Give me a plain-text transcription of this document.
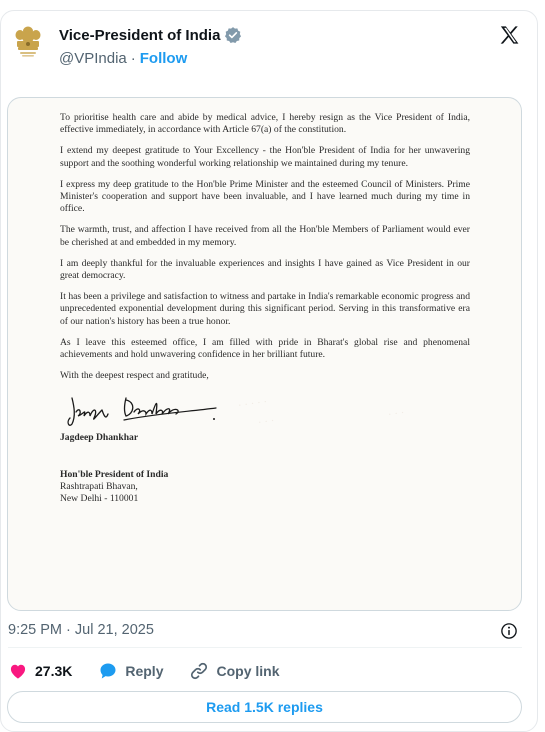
Vice-President of India
@VPIndia · Follow
· · · · ·
· · ·
· · ·

To prioritise health care and abide by medical advice, I hereby resign as the Vice President of India, effective immediately, in accordance with Article 67(a) of the constitution.

I extend my deepest gratitude to Your Excellency - the Hon'ble President of India for her unwavering support and the soothing wonderful working relationship we maintained during my tenure.

I express my deep gratitude to the Hon'ble Prime Minister and the esteemed Council of Ministers. Prime Minister's cooperation and support have been invaluable, and I have learned much during my time in office.

The warmth, trust, and affection I have received from all the Hon'ble Members of Parliament would ever be cherished at and embedded in my memory.

I am deeply thankful for the invaluable experiences and insights I have gained as Vice President in our great democracy.

It has been a privilege and satisfaction to witness and partake in India's remarkable economic progress and unprecedented exponential development during this significant period. Serving in this transformative era of our nation's history has been a true honor.

As I leave this esteemed office, I am filled with pride in Bharat's global rise and phenomenal achievements and hold unwavering confidence in her brilliant future.

With the deepest respect and gratitude,
Jagdeep Dhankhar
Hon'ble President of India
Rashtrapati Bhavan,
New Delhi - 110001
9:25 PM · Jul 21, 2025
27.3K	Reply	Copy link
Read 1.5K replies
